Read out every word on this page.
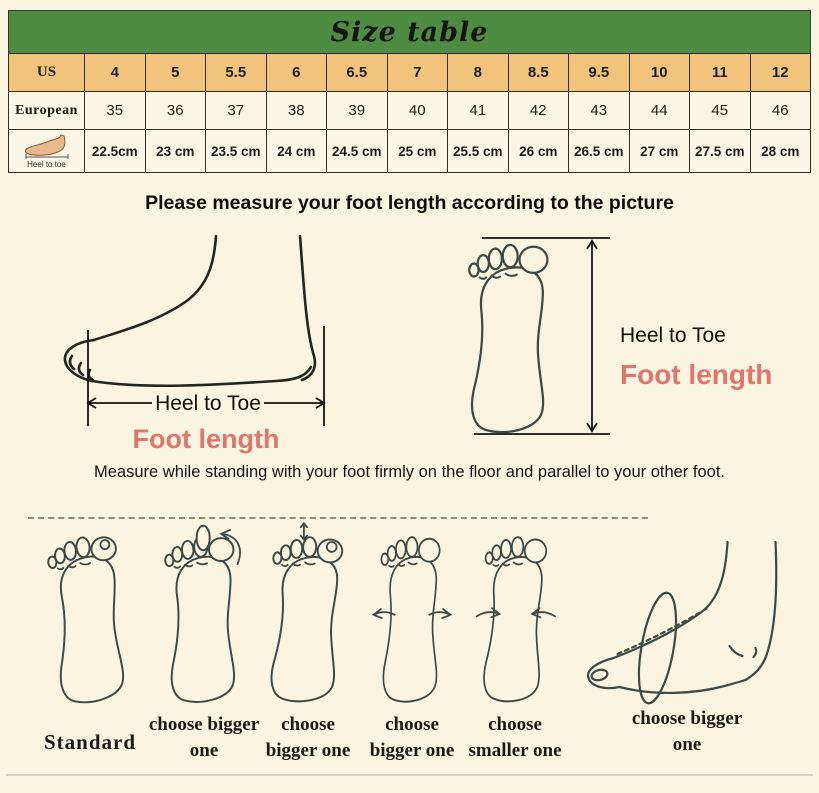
Size table
US	4	5	5.5	6	6.5	7	8	8.5	9.5	10	11	12
European	35	36	37	38	39	40	41	42	43	44	45	46

Heel to toe	22.5cm	23 cm	23.5 cm	24 cm	24.5 cm	25 cm	25.5 cm	26 cm	26.5 cm	27 cm	27.5 cm	28 cm
Please measure your foot length according to the picture
Heel to Toe
Foot length
Heel to Toe
Foot length
Measure while standing with your foot firmly on the floor and parallel to your other foot.
Standard
choose bigger one
choose bigger one
choose bigger one
choose smaller one
choose bigger one
